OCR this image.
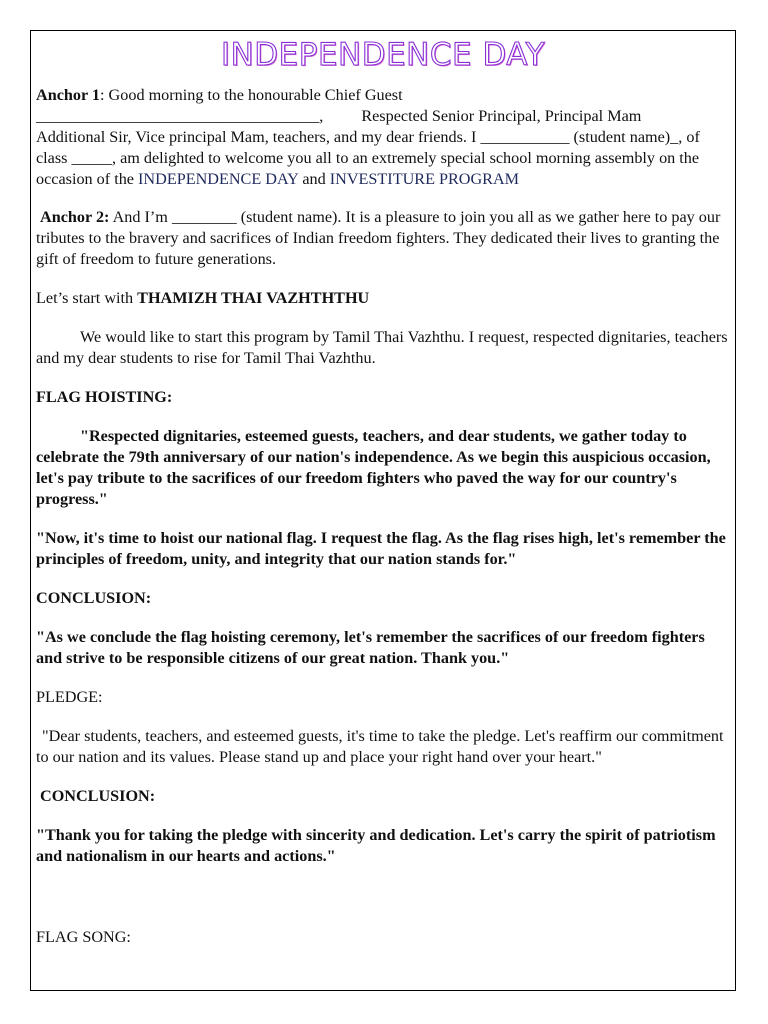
INDEPENDENCE DAY

Anchor 1: Good morning to the honourable Chief Guest
___________________________________, Respected Senior Principal, Principal Mam
Additional Sir, Vice principal Mam, teachers, and my dear friends. I ___________ (student name)_, of class _____, am delighted to welcome you all to an extremely special school morning assembly on the occasion of the INDEPENDENCE DAY and INVESTITURE PROGRAM

Anchor 2: And I’m ________ (student name). It is a pleasure to join you all as we gather here to pay our tributes to the bravery and sacrifices of Indian freedom fighters. They dedicated their lives to granting the gift of freedom to future generations.

Let’s start with THAMIZH THAI VAZHTHTHU

We would like to start this program by Tamil Thai Vazhthu. I request, respected dignitaries, teachers and my dear students to rise for Tamil Thai Vazhthu.

FLAG HOISTING:

"Respected dignitaries, esteemed guests, teachers, and dear students, we gather today to celebrate the 79th anniversary of our nation's independence. As we begin this auspicious occasion, let's pay tribute to the sacrifices of our freedom fighters who paved the way for our country's progress."

"Now, it's time to hoist our national flag. I request the flag. As the flag rises high, let's remember the principles of freedom, unity, and integrity that our nation stands for."

CONCLUSION:

"As we conclude the flag hoisting ceremony, let's remember the sacrifices of our freedom fighters and strive to be responsible citizens of our great nation. Thank you."

PLEDGE:

"Dear students, teachers, and esteemed guests, it's time to take the pledge. Let's reaffirm our commitment to our nation and its values. Please stand up and place your right hand over your heart."

CONCLUSION:

"Thank you for taking the pledge with sincerity and dedication. Let's carry the spirit of patriotism and nationalism in our hearts and actions."

FLAG SONG:
